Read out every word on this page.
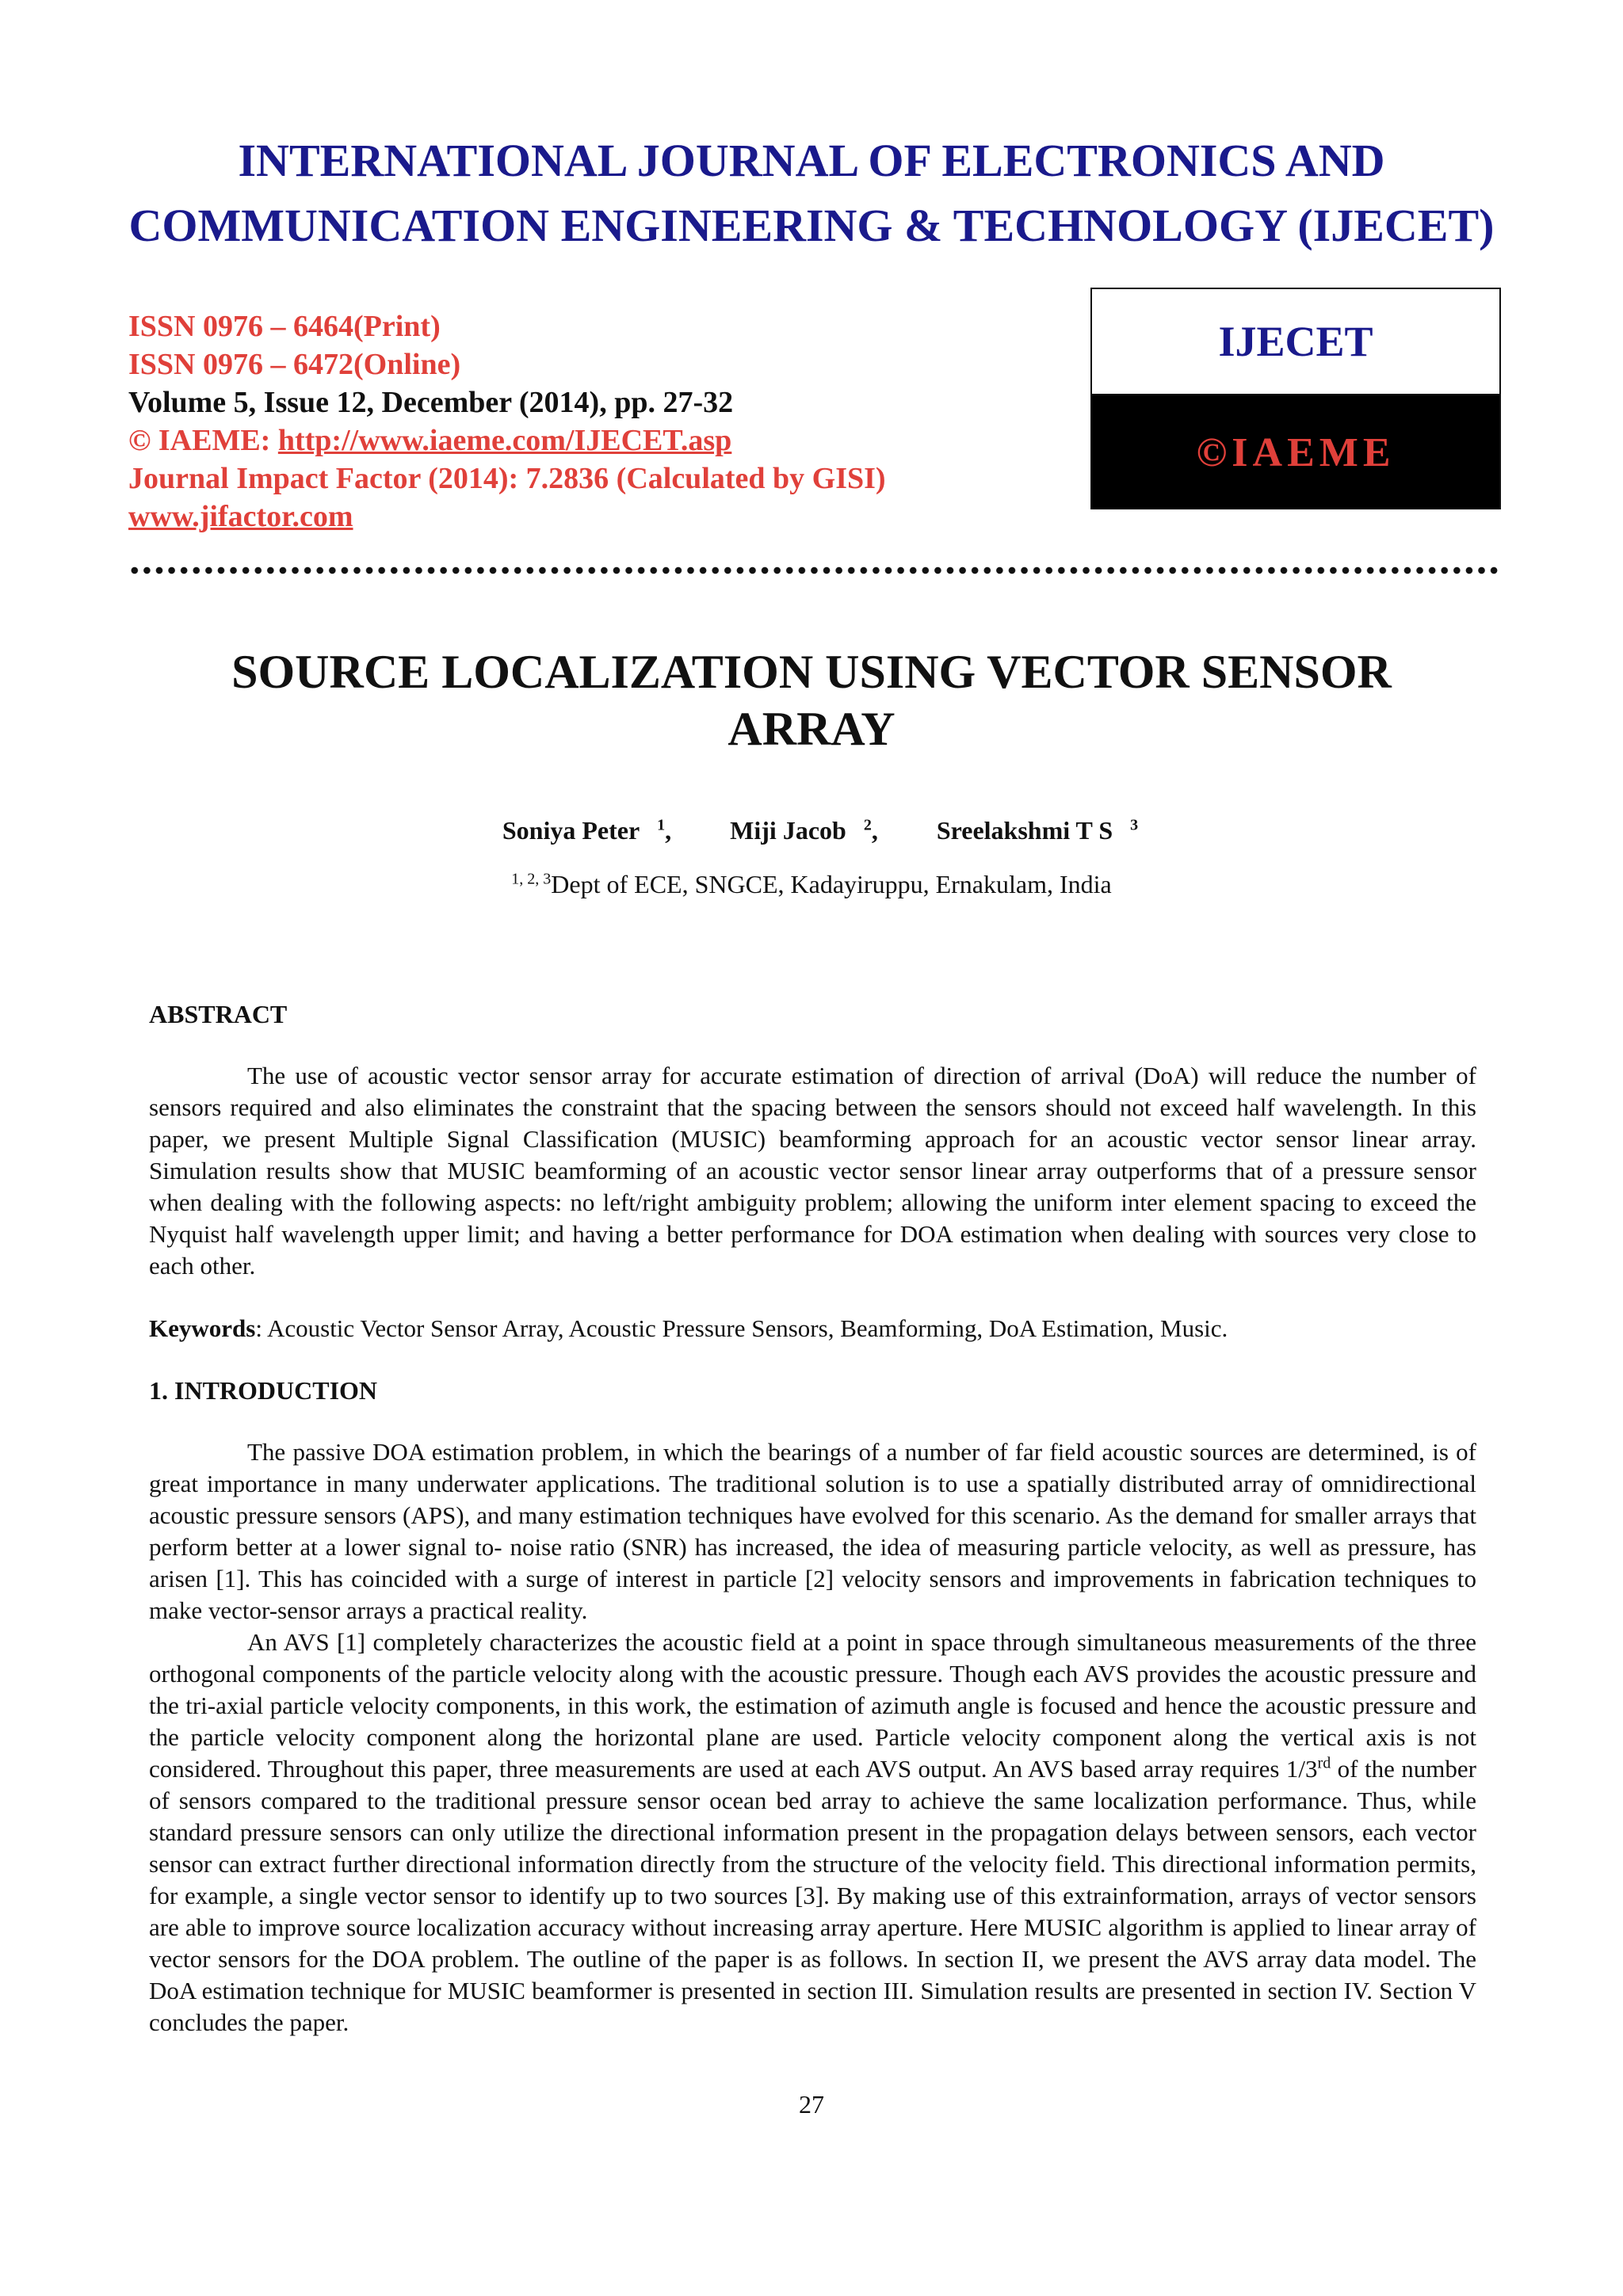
INTERNATIONAL JOURNAL OF ELECTRONICS AND
COMMUNICATION ENGINEERING & TECHNOLOGY (IJECET)
ISSN 0976 – 6464(Print)
ISSN 0976 – 6472(Online)
Volume 5, Issue 12, December (2014), pp. 27-32
© IAEME: http://www.iaeme.com/IJECET.asp
Journal Impact Factor (2014): 7.2836 (Calculated by GISI)
www.jifactor.com
IJECET
©IAEME
SOURCE LOCALIZATION USING VECTOR SENSOR
ARRAY
Soniya Peter $^1$, Miji Jacob $^2$, Sreelakshmi T S $^3$
$^{1, 2, 3}$Dept of ECE, SNGCE, Kadayiruppu, Ernakulam, India
ABSTRACT
The use of acoustic vector sensor array for accurate estimation of direction of arrival (DoA) will reduce the number of sensors required and also eliminates the constraint that the spacing between the sensors should not exceed half wavelength. In this paper, we present Multiple Signal Classification (MUSIC) beamforming approach for an acoustic vector sensor linear array. Simulation results show that MUSIC beamforming of an acoustic vector sensor linear array outperforms that of a pressure sensor when dealing with the following aspects: no left/right ambiguity problem; allowing the uniform inter element spacing to exceed the Nyquist half wavelength upper limit; and having a better performance for DOA estimation when dealing with sources very close to each other.
Keywords: Acoustic Vector Sensor Array, Acoustic Pressure Sensors, Beamforming, DoA Estimation, Music.
1. INTRODUCTION
The passive DOA estimation problem, in which the bearings of a number of far field acoustic sources are determined, is of great importance in many underwater applications. The traditional solution is to use a spatially distributed array of omnidirectional acoustic pressure sensors (APS), and many estimation techniques have evolved for this scenario. As the demand for smaller arrays that perform better at a lower signal to- noise ratio (SNR) has increased, the idea of measuring particle velocity, as well as pressure, has arisen [1]. This has coincided with a surge of interest in particle [2] velocity sensors and improvements in fabrication techniques to make vector-sensor arrays a practical reality.
An AVS [1] completely characterizes the acoustic field at a point in space through simultaneous measurements of the three orthogonal components of the particle velocity along with the acoustic pressure. Though each AVS provides the acoustic pressure and the tri-axial particle velocity components, in this work, the estimation of azimuth angle is focused and hence the acoustic pressure and the particle velocity component along the horizontal plane are used. Particle velocity component along the vertical axis is not considered. Throughout this paper, three measurements are used at each AVS output. An AVS based array requires 1/3rd of the number of sensors compared to the traditional pressure sensor ocean bed array to achieve the same localization performance. Thus, while standard pressure sensors can only utilize the directional information present in the propagation delays between sensors, each vector sensor can extract further directional information directly from the structure of the velocity field. This directional information permits, for example, a single vector sensor to identify up to two sources [3]. By making use of this extrainformation, arrays of vector sensors are able to improve source localization accuracy without increasing array aperture. Here MUSIC algorithm is applied to linear array of vector sensors for the DOA problem. The outline of the paper is as follows. In section II, we present the AVS array data model. The DoA estimation technique for MUSIC beamformer is presented in section III. Simulation results are presented in section IV. Section V concludes the paper.
27
